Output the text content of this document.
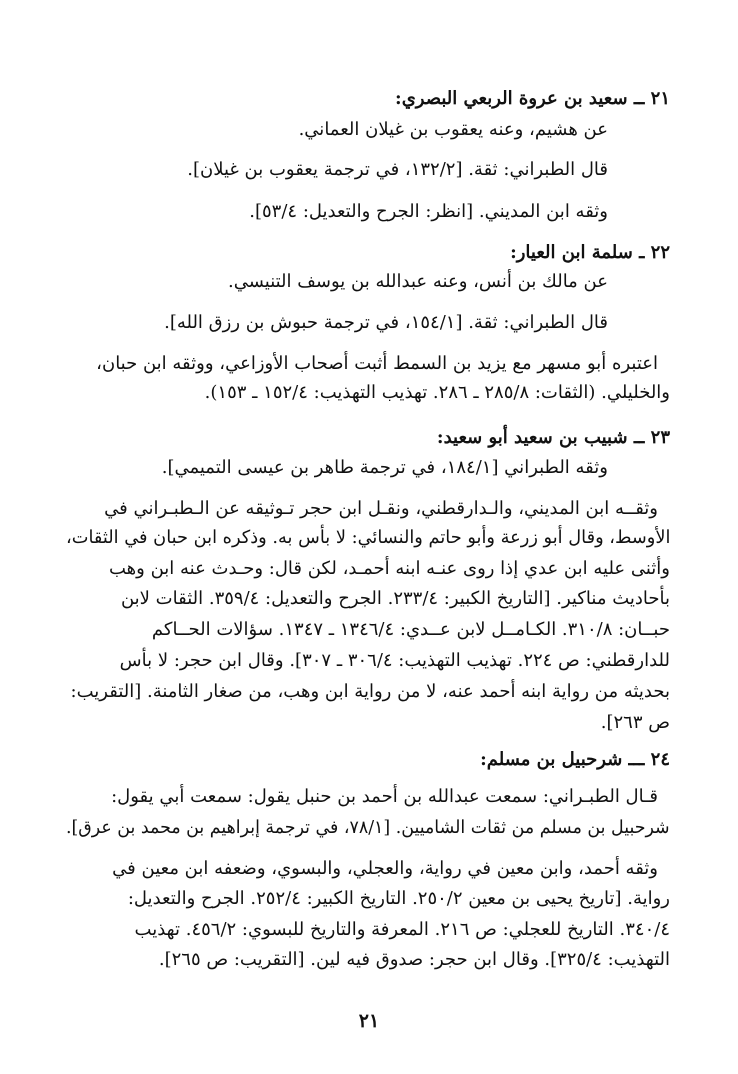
٢١ ــ سعيد بن عروة الربعي البصري:
عن هشيم، وعنه يعقوب بن غيلان العماني.
قال الطبراني: ثقة. [١٣٢/٢، في ترجمة يعقوب بن غيلان].
وثقه ابن المديني. [انظر: الجرح والتعديل: ٥٣/٤].
٢٢ ـ سلمة ابن العيار:
عن مالك بن أنس، وعنه عبدالله بن يوسف التنيسي.
قال الطبراني: ثقة. [١٥٤/١، في ترجمة حبوش بن رزق الله].
اعتبره أبو مسهر مع يزيد بن السمط أثبت أصحاب الأوزاعي، ووثقه ابن حبان،
والخليلي. (الثقات: ٢٨٥/٨ ـ ٢٨٦. تهذيب التهذيب: ١٥٢/٤ ـ ١٥٣).
٢٣ ــ شبيب بن سعيد أبو سعيد:
وثقه الطبراني [١٨٤/١، في ترجمة طاهر بن عيسى التميمي].
وثقــه ابن المديني، والـدارقطني، ونقـل ابن حجر تـوثيقه عن الـطبـراني في
الأوسط، وقال أبو زرعة وأبو حاتم والنسائي: لا بأس به. وذكره ابن حبان في الثقات،
وأثنى عليه ابن عدي إذا روى عنـه ابنه أحمـد، لكن قال: وحـدث عنه ابن وهب
بأحاديث مناكير. [التاريخ الكبير: ٢٣٣/٤. الجرح والتعديل: ٣٥٩/٤. الثقات لابن
حبــان: ٣١٠/٨. الكـامــل لابن عــدي: ١٣٤٦/٤ ـ ١٣٤٧. سؤالات الحــاكم
للدارقطني: ص ٢٢٤. تهذيب التهذيب: ٣٠٦/٤ ـ ٣٠٧]. وقال ابن حجر: لا بأس
بحديثه من رواية ابنه أحمد عنه، لا من رواية ابن وهب، من صغار الثامنة. [التقريب:
ص ٢٦٣].
٢٤ ـــ شرحبيل بن مسلم:
قـال الطبـراني: سمعت عبدالله بن أحمد بن حنبل يقول: سمعت أبي يقول:
شرحبيل بن مسلم من ثقات الشاميين. [٧٨/١، في ترجمة إبراهيم بن محمد بن عرق].
وثقه أحمد، وابن معين في رواية، والعجلي، والبسوي، وضعفه ابن معين في
رواية. [تاريخ يحيى بن معين ٢٥٠/٢. التاريخ الكبير: ٢٥٢/٤. الجرح والتعديل:
٣٤٠/٤. التاريخ للعجلي: ص ٢١٦. المعرفة والتاريخ للبسوي: ٤٥٦/٢. تهذيب
التهذيب: ٣٢٥/٤]. وقال ابن حجر: صدوق فيه لين. [التقريب: ص ٢٦٥].
٢١
